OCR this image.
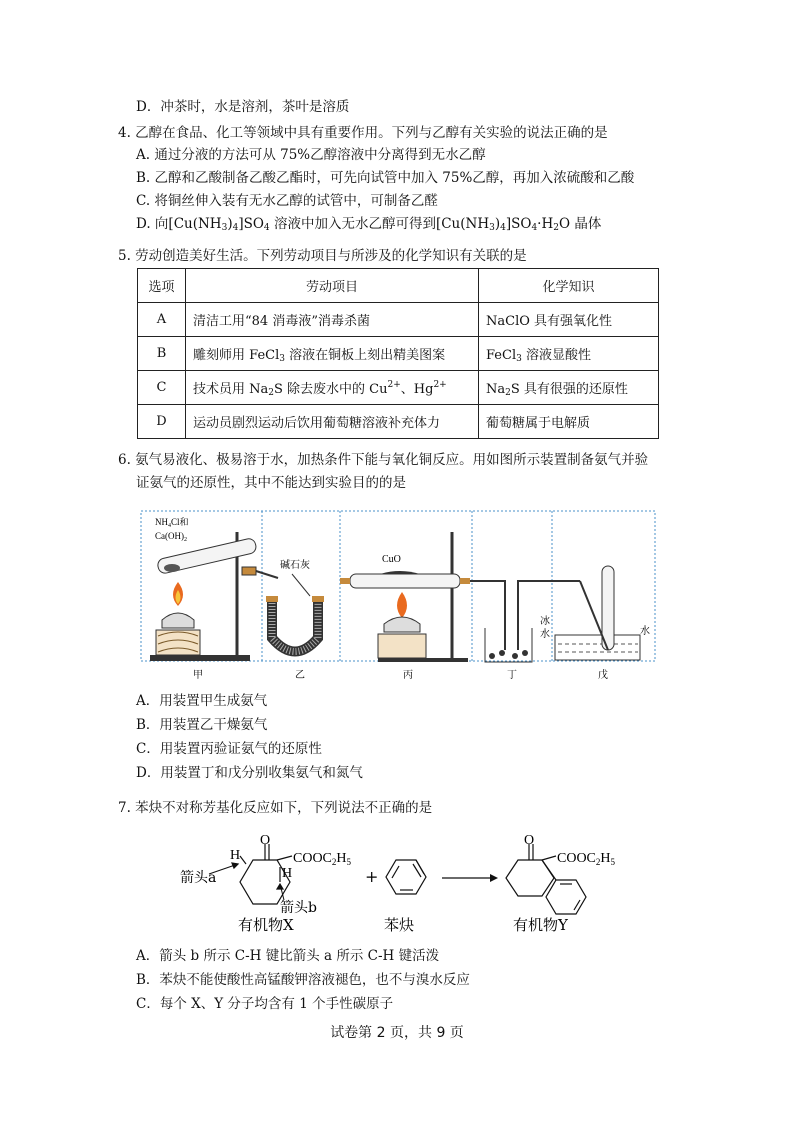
D．冲茶时，水是溶剂，茶叶是溶质
4. 乙醇在食品、化工等领域中具有重要作用。下列与乙醇有关实验的说法正确的是
A. 通过分液的方法可从 75%乙醇溶液中分离得到无水乙醇
B. 乙醇和乙酸制备乙酸乙酯时，可先向试管中加入 75%乙醇，再加入浓硫酸和乙酸
C. 将铜丝伸入装有无水乙醇的试管中，可制备乙醛
D. 向$[Cu(NH_3)_4]SO_4$ 溶液中加入无水乙醇可得到$[Cu(NH_3)_4]SO_4\cdot H_2O$ 晶体
5. 劳动创造美好生活。下列劳动项目与所涉及的化学知识有关联的是
选项	劳动项目	化学知识
A	清洁工用“84 消毒液”消毒杀菌	NaClO 具有强氧化性
B	雕刻师用 FeCl$_3$ 溶液在铜板上刻出精美图案	FeCl$_3$ 溶液显酸性
C	技术员用 $Na_2S$ 除去废水中的 $Cu^{2+}$、$Hg^{2+}$	$Na_2S$ 具有很强的还原性
D	运动员剧烈运动后饮用葡萄糖溶液补充体力	葡萄糖属于电解质
6. 氨气易液化、极易溶于水，加热条件下能与氧化铜反应。用如图所示装置制备氨气并验
证氨气的还原性，其中不能达到实验目的的是
$NH_4Cl$和
$Ca(OH)_2$
碱石灰
CuO
冰
水	水
甲	乙	丙	丁	戊
A．用装置甲生成氨气
B．用装置乙干燥氨气
C．用装置丙验证氨气的还原性
D．用装置丁和戊分别收集氨气和氮气
7. 苯炔不对称芳基化反应如下，下列说法不正确的是
O
H
H
$COOC_2H_5$
箭头a
箭头b
有机物X
+
苯炔
O
$COOC_2H_5$
有机物Y
A．箭头 b 所示 C-H 键比箭头 a 所示 C-H 键活泼
B．苯炔不能使酸性高锰酸钾溶液褪色，也不与溴水反应
C．每个 X、Y 分子均含有 1 个手性碳原子
试卷第 2 页，共 9 页
